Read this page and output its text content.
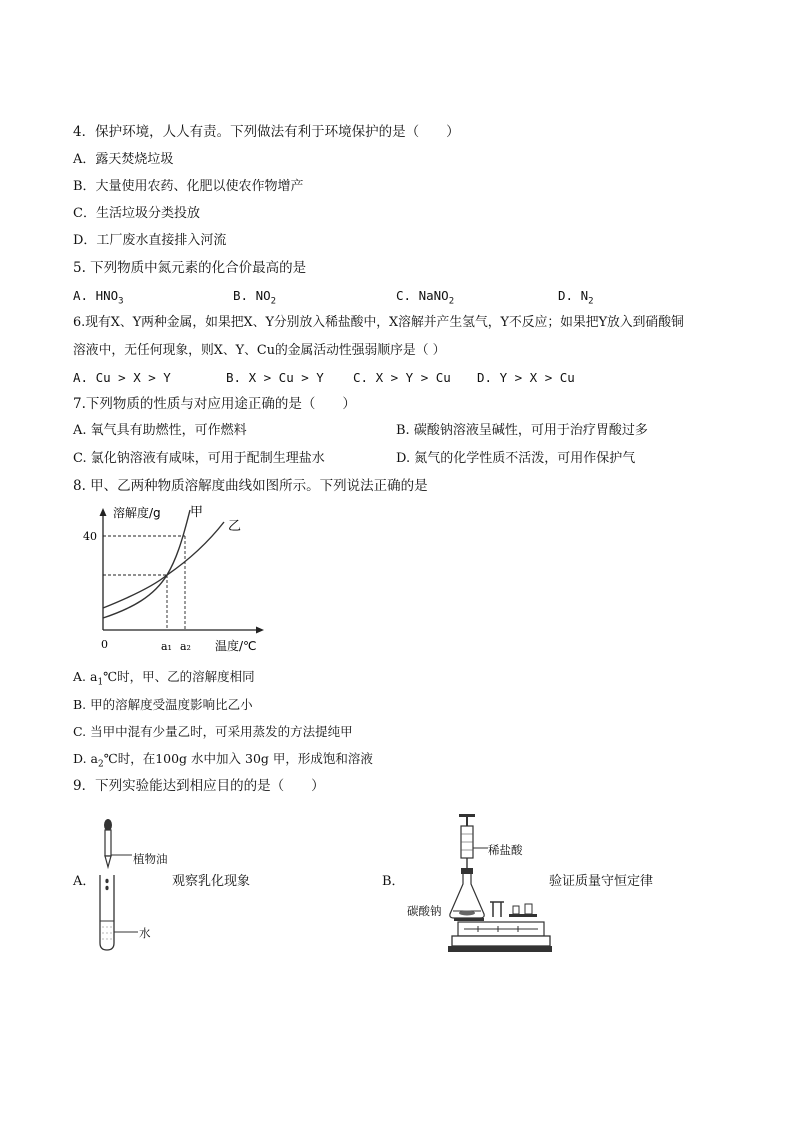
4．保护环境，人人有责。下列做法有利于环境保护的是（　　）
A．露天焚烧垃圾
B．大量使用农药、化肥以使农作物增产
C．生活垃圾分类投放
D．工厂废水直接排入河流
5. 下列物质中氮元素的化合价最高的是
A. $HNO_3$	B. $NO_2$	C. NaNO$_2$	D. $N_2$
6.现有X、Y两种金属，如果把X、Y分别放入稀盐酸中，X溶解并产生氢气，Y不反应；如果把Y放入到硝酸铜
溶液中，无任何现象，则X、Y、Cu的金属活动性强弱顺序是（ ）
A. Cu > X > Y	B. X > Cu > Y C. X > Y > Cu D. Y > X > Cu
7.下列物质的性质与对应用途正确的是（　　）
A. 氧气具有助燃性，可作燃料	B. 碳酸钠溶液呈碱性，可用于治疗胃酸过多
C. 氯化钠溶液有咸味，可用于配制生理盐水	D. 氮气的化学性质不活泼，可用作保护气
8. 甲、乙两种物质溶解度曲线如图所示。下列说法正确的是
溶解度/g
40
甲
乙
0	a₁ a₂ 温度/℃
A. $a_1℃$时，甲、乙的溶解度相同
B. 甲的溶解度受温度影响比乙小
C. 当甲中混有少量乙时，可采用蒸发的方法提纯甲
D. $a_2℃$时，在100g 水中加入 30g 甲，形成饱和溶液
9．下列实验能达到相应目的的是（　　）
A．
植物油
水
观察乳化现象	B．
稀盐酸
碳酸钠
验证质量守恒定律
